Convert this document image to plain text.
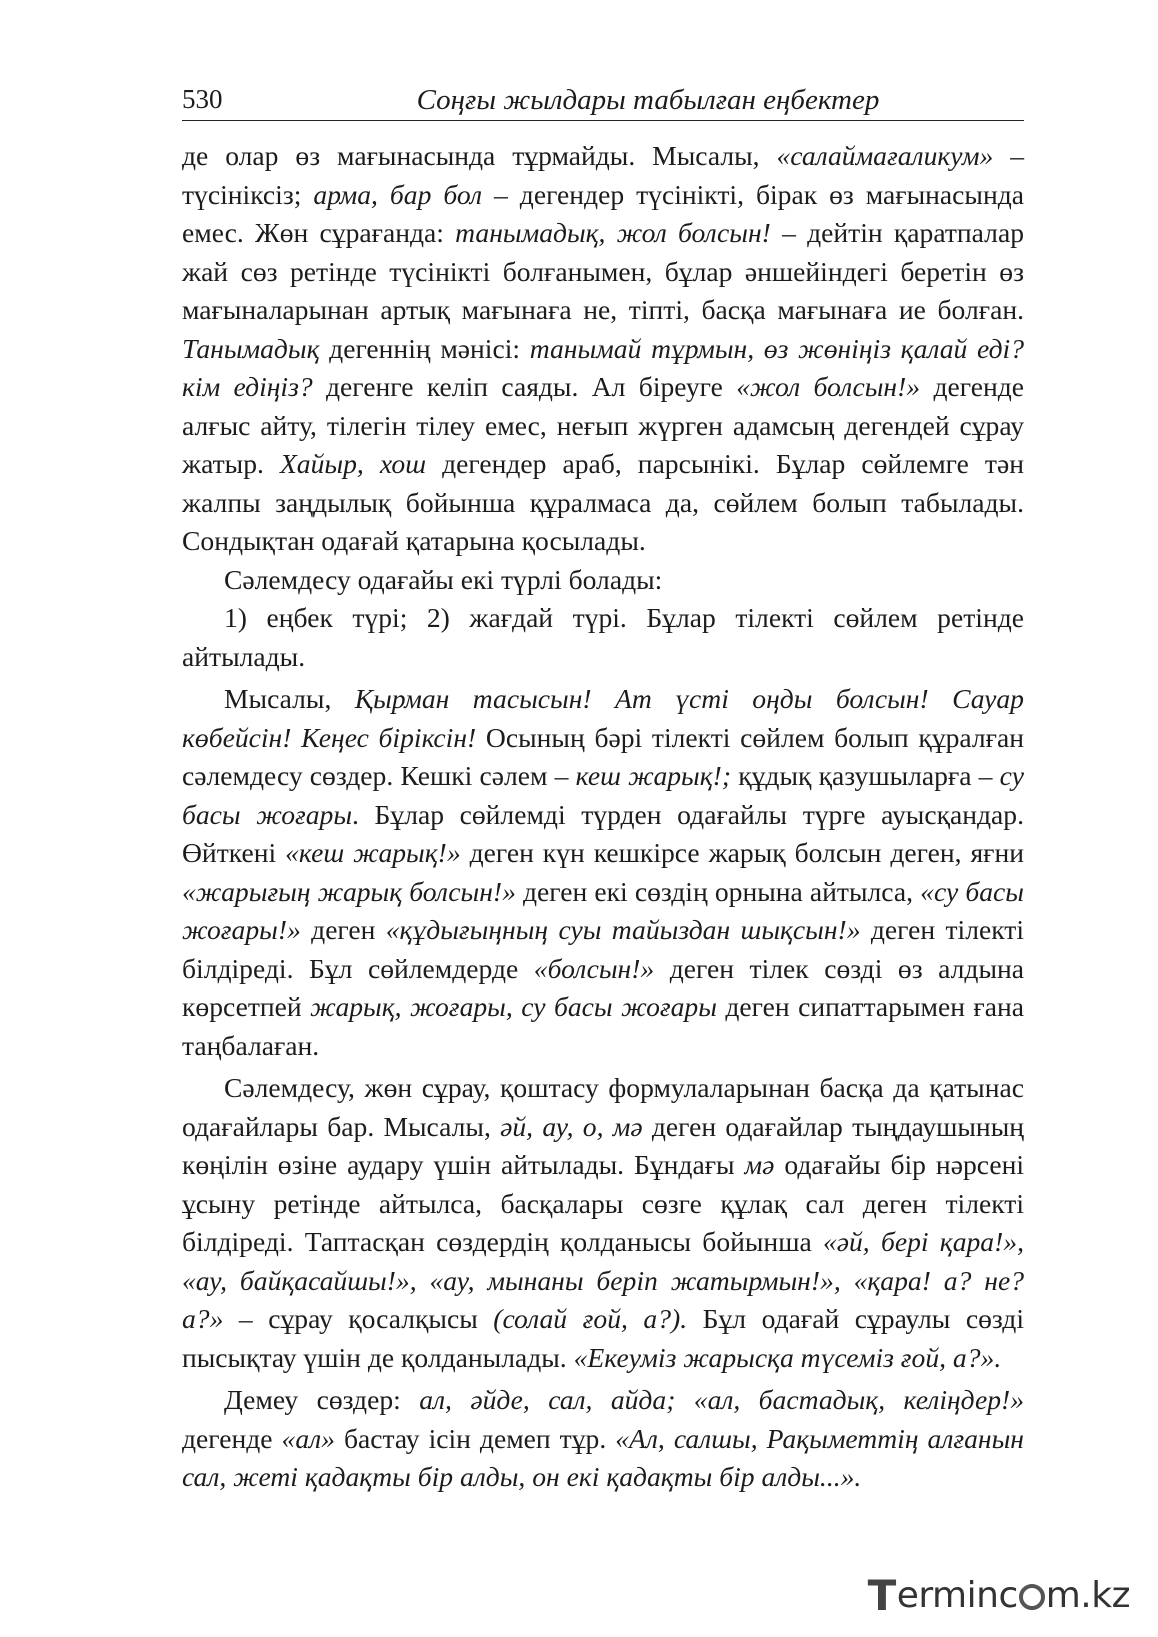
530	Соңғы жылдары табылған еңбектер

де олар өз мағынасында тұрмайды. Мысалы, «салаймағаликум» – түсініксіз; арма, бар бол – дегендер түсінікті, бірак өз мағынасында емес. Жөн сұрағанда: танымадық, жол болсын! – дейтін қаратпалар жай сөз ретінде түсінікті болғанымен, бұлар әншейіндегі беретін өз мағыналарынан артық мағынаға не, тіпті, басқа мағынаға ие болған. Танымадық дегеннің мәнісі: танымай тұрмын, өз жөніңіз қалай еді? кім едіңіз? дегенге келіп саяды. Ал біреуге «жол болсын!» дегенде алғыс айту, тілегін тілеу емес, неғып жүрген адамсың дегендей сұрау жатыр. Хайыр, хош дегендер араб, парсынікі. Бұлар сөйлемге тән жалпы заңдылық бойынша құралмаса да, сөйлем болып табылады. Сондықтан одағай қатарына қосылады.

Сәлемдесу одағайы екі түрлі болады:

1) еңбек түрі; 2) жағдай түрі. Бұлар тілекті сөйлем ретінде айтылады.

Мысалы, Қырман тасысын! Ат үсті оңды болсын! Сауар көбейсін! Кеңес біріксін! Осының бәрі тілекті сөйлем болып құралған сәлемдесу сөздер. Кешкі сәлем – кеш жарық!; құдық қазушыларға – су басы жоғары. Бұлар сөйлемді түрден одағайлы түрге ауысқандар. Өйткені «кеш жарық!» деген күн кешкірсе жарық болсын деген, яғни «жарығың жарық болсын!» деген екі сөздің орнына айтылса, «су басы жоғары!» деген «құдығыңның суы тайыздан шықсын!» деген тілекті білдіреді. Бұл сөйлемдерде «болсын!» деген тілек сөзді өз алдына көрсетпей жарық, жоғары, су басы жоғары деген сипаттарымен ғана таңбалаған.

Сәлемдесу, жөн сұрау, қоштасу формулаларынан басқа да қатынас одағайлары бар. Мысалы, әй, ау, о, мә деген одағайлар тыңдаушының көңілін өзіне аудару үшін айтылады. Бұндағы мә одағайы бір нәрсені ұсыну ретінде айтылса, басқалары сөзге құлақ сал деген тілекті білдіреді. Таптасқан сөздердің қолданысы бойынша «әй, бері қара!», «ау, байқасайшы!», «ау, мынаны беріп жатырмын!», «қара! а? не? а?» – сұрау қосалқысы (солай ғой, а?). Бұл одағай сұраулы сөзді пысықтау үшін де қолданылады. «Екеуміз жарысқа түсеміз ғой, а?».

Демеу сөздер: ал, әйде, сал, айда; «ал, бастадық, келіңдер!» дегенде «ал» бастау ісін демеп тұр. «Ал, салшы, Рақыметтің алғанын сал, жеті қадақты бір алды, он екі қадақты бір алды...».

T erminc m.kz
